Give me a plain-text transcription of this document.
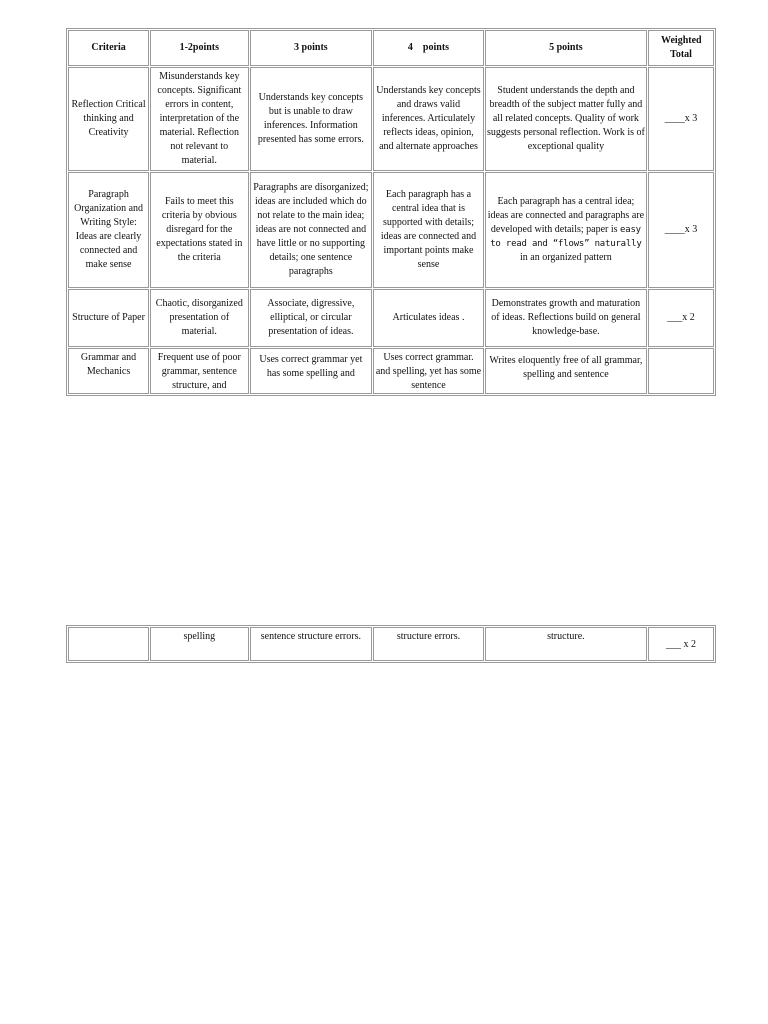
Criteria	1-2points	3 points	4    points	5 points	Weighted Total
Reflection Critical thinking and Creativity	Misunderstands key concepts. Significant errors in content, interpretation of the material. Reflection not relevant to material.	Understands key concepts but is unable to draw inferences. Information presented has some errors.	Understands key concepts and draws valid inferences. Articulately reflects ideas, opinion, and alternate approaches	Student understands the depth and breadth of the subject matter fully and all related concepts. Quality of work suggests personal reflection. Work is of exceptional quality	____x 3
Paragraph Organization and Writing Style: Ideas are clearly connected and make sense	Fails to meet this criteria by obvious disregard for the expectations stated in the criteria	Paragraphs are disorganized; ideas are included which do not relate to the main idea; ideas are not connected and have little or no supporting details; one sentence paragraphs	Each paragraph has a central idea that is supported with details; ideas are connected and important points make sense	Each paragraph has a central idea; ideas are connected and paragraphs are developed with details; paper is easy to read and “flows” naturally
in an organized pattern	____x 3
Structure of Paper	Chaotic, disorganized presentation of material.	Associate, digressive, elliptical, or circular presentation of ideas.	Articulates ideas .	Demonstrates growth and maturation of ideas. Reflections build on general knowledge-base.	___x 2
Grammar and Mechanics	Frequent use of poor grammar, sentence structure, and	Uses correct grammar yet has some spelling and	Uses correct grammar. and spelling, yet has some sentence	Writes eloquently free of all grammar, spelling and sentence	
	spelling	sentence structure errors.	structure errors.	structure.	___ x 2
